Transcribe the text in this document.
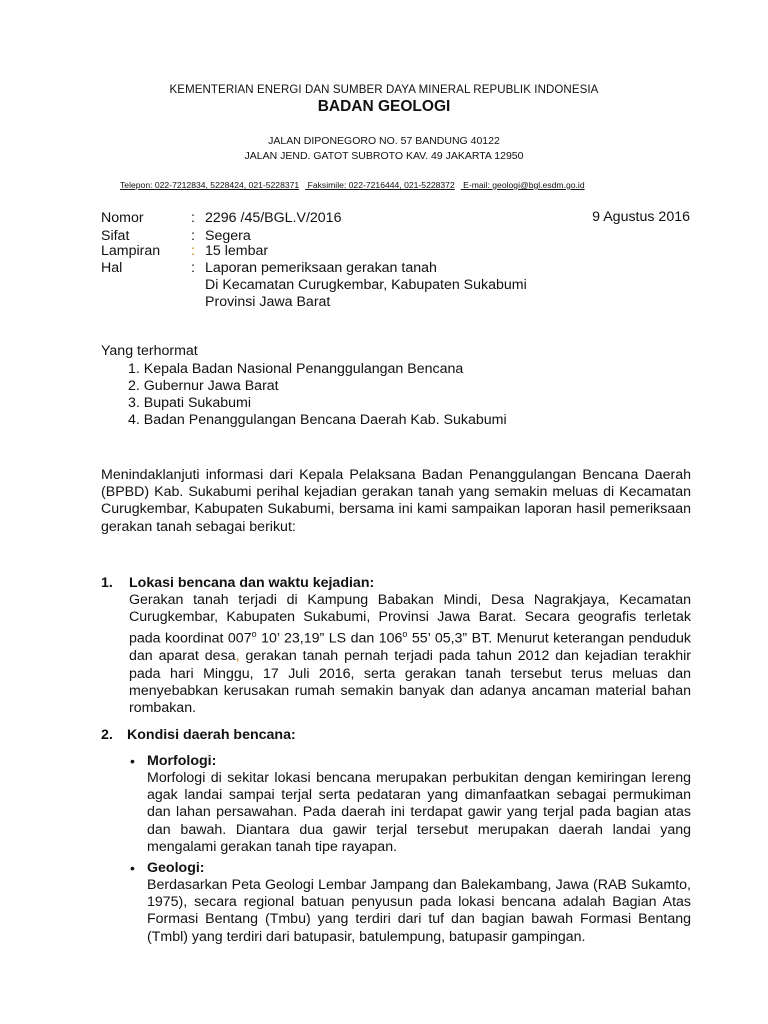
KEMENTERIAN ENERGI DAN SUMBER DAYA MINERAL REPUBLIK INDONESIA
BADAN GEOLOGI
JALAN DIPONEGORO NO. 57 BANDUNG 40122
JALAN JEND. GATOT SUBROTO KAV. 49 JAKARTA 12950
Telepon: 022-7212834, 5228424, 021-5228371 Faksimile: 022-7216444, 021-5228372 E-mail: geologi@bgl.esdm.go.id
Nomor	: 2296 /45/BGL.V/2016	9 Agustus 2016
Sifat	: Segera
Lampiran	: 15 lembar
Hal	: Laporan pemeriksaan gerakan tanah
Di Kecamatan Curugkembar, Kabupaten Sukabumi
Provinsi Jawa Barat
Yang terhormat
1. Kepala Badan Nasional Penanggulangan Bencana
2. Gubernur Jawa Barat
3. Bupati Sukabumi
4. Badan Penanggulangan Bencana Daerah Kab. Sukabumi

Menindaklanjuti informasi dari Kepala Pelaksana Badan Penanggulangan Bencana Daerah (BPBD) Kab. Sukabumi perihal kejadian gerakan tanah yang semakin meluas di Kecamatan Curugkembar, Kabupaten Sukabumi, bersama ini kami sampaikan laporan hasil pemeriksaan gerakan tanah sebagai berikut:

1. Lokasi bencana dan waktu kejadian:

Gerakan tanah terjadi di Kampung Babakan Mindi, Desa Nagrakjaya, Kecamatan Curugkembar, Kabupaten Sukabumi, Provinsi Jawa Barat. Secara geografis terletak pada koordinat 007$^o$ 10’ 23,19” LS dan 106$^o$ 55’ 05,3” BT. Menurut keterangan penduduk dan aparat desa, gerakan tanah pernah terjadi pada tahun 2012 dan kejadian terakhir pada hari Minggu, 17 Juli 2016, serta gerakan tanah tersebut terus meluas dan menyebabkan kerusakan rumah semakin banyak dan adanya ancaman material bahan rombakan.

2. Kondisi daerah bencana:
• Morfologi:

Morfologi di sekitar lokasi bencana merupakan perbukitan dengan kemiringan lereng agak landai sampai terjal serta pedataran yang dimanfaatkan sebagai permukiman dan lahan persawahan. Pada daerah ini terdapat gawir yang terjal pada bagian atas dan bawah. Diantara dua gawir terjal tersebut merupakan daerah landai yang mengalami gerakan tanah tipe rayapan.

• Geologi:

Berdasarkan Peta Geologi Lembar Jampang dan Balekambang, Jawa (RAB Sukamto, 1975), secara regional batuan penyusun pada lokasi bencana adalah Bagian Atas Formasi Bentang (Tmbu) yang terdiri dari tuf dan bagian bawah Formasi Bentang (Tmbl) yang terdiri dari batupasir, batulempung, batupasir gampingan.
